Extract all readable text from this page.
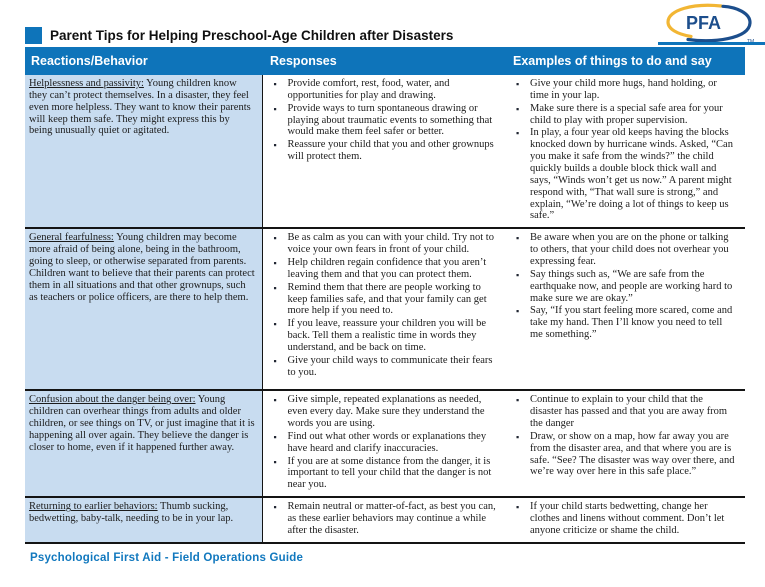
PFA
Parent Tips for Helping Preschool-Age Children after Disasters
Reactions/Behavior	Responses	Examples of things to do and say
Helplessness and passivity: Young children know they can’t protect themselves. In a disaster, they feel even more helpless. They want to know their parents will keep them safe. They might express this by being unusually quiet or agitated.	
▪ Provide comfort, rest, food, water, and opportunities for play and drawing.
▪ Provide ways to turn spontaneous drawing or playing about traumatic events to something that would make them feel safer or better.
▪ Reassure your child that you and other grownups will protect them.

▪ Give your child more hugs, hand holding, or time in your lap.
▪ Make sure there is a special safe area for your child to play with proper supervision.
▪ In play, a four year old keeps having the blocks knocked down by hurricane winds. Asked, “Can you make it safe from the winds?” the child quickly builds a double block thick wall and says, “Winds won’t get us now.” A parent might respond with, “That wall sure is strong,” and explain, “We’re doing a lot of things to keep us safe.”

General fearfulness: Young children may become more afraid of being alone, being in the bathroom, going to sleep, or otherwise separated from parents. Children want to believe that their parents can protect them in all situations and that other grownups, such as teachers or police officers, are there to help them.	
▪ Be as calm as you can with your child. Try not to voice your own fears in front of your child.
▪ Help children regain confidence that you aren’t leaving them and that you can protect them.
▪ Remind them that there are people working to keep families safe, and that your family can get more help if you need to.
▪ If you leave, reassure your children you will be back. Tell them a realistic time in words they understand, and be back on time.
▪ Give your child ways to communicate their fears to you.

▪ Be aware when you are on the phone or talking to others, that your child does not overhear you expressing fear.
▪ Say things such as, “We are safe from the earthquake now, and people are working hard to make sure we are okay.”
▪ Say, “If you start feeling more scared, come and take my hand. Then I’ll know you need to tell me something.”

Confusion about the danger being over: Young children can overhear things from adults and older children, or see things on TV, or just imagine that it is happening all over again. They believe the danger is closer to home, even if it happened further away.	
▪ Give simple, repeated explanations as needed, even every day. Make sure they understand the words you are using.
▪ Find out what other words or explanations they have heard and clarify inaccuracies.
▪ If you are at some distance from the danger, it is important to tell your child that the danger is not near you.

▪ Continue to explain to your child that the disaster has passed and that you are away from the danger
▪ Draw, or show on a map, how far away you are from the disaster area, and that where you are is safe. “See? The disaster was way over there, and we’re way over here in this safe place.”

Returning to earlier behaviors: Thumb sucking, bedwetting, baby-talk, needing to be in your lap.	
▪ Remain neutral or matter-of-fact, as best you can, as these earlier behaviors may continue a while after the disaster.

▪ If your child starts bedwetting, change her clothes and linens without comment. Don’t let anyone criticize or shame the child.
Psychological First Aid - Field Operations Guide
